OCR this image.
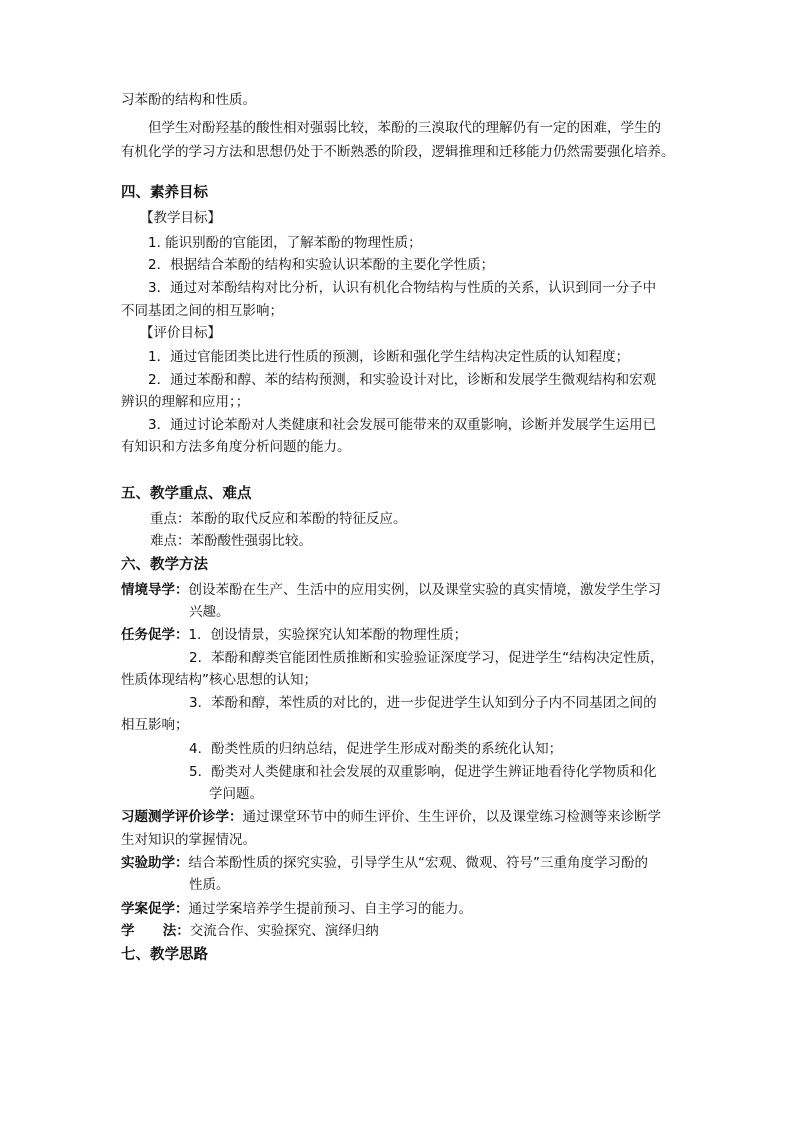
习苯酚的结构和性质。
但学生对酚羟基的酸性相对强弱比较，苯酚的三溴取代的理解仍有一定的困难，学生的
有机化学的学习方法和思想仍处于不断熟悉的阶段，逻辑推理和迁移能力仍然需要强化培养。
四、素养目标
【教学目标】
1. 能识别酚的官能团，了解苯酚的物理性质；
2．根据结合苯酚的结构和实验认识苯酚的主要化学性质；
3．通过对苯酚结构对比分析，认识有机化合物结构与性质的关系，认识到同一分子中
不同基团之间的相互影响；
【评价目标】
1．通过官能团类比进行性质的预测，诊断和强化学生结构决定性质的认知程度；
2．通过苯酚和醇、苯的结构预测，和实验设计对比，诊断和发展学生微观结构和宏观
辨识的理解和应用；；
3．通过讨论苯酚对人类健康和社会发展可能带来的双重影响，诊断并发展学生运用已
有知识和方法多角度分析问题的能力。
五、教学重点、难点
重点：苯酚的取代反应和苯酚的特征反应。
难点：苯酚酸性强弱比较。
六、教学方法
情境导学：创设苯酚在生产、生活中的应用实例，以及课堂实验的真实情境，激发学生学习
兴趣。
任务促学：1．创设情景，实验探究认知苯酚的物理性质；
2．苯酚和醇类官能团性质推断和实验验证深度学习，促进学生“结构决定性质，
性质体现结构”核心思想的认知；
3．苯酚和醇，苯性质的对比的，进一步促进学生认知到分子内不同基团之间的
相互影响；
4．酚类性质的归纳总结，促进学生形成对酚类的系统化认知；
5．酚类对人类健康和社会发展的双重影响，促进学生辨证地看待化学物质和化
学问题。
习题测学评价诊学：通过课堂环节中的师生评价、生生评价，以及课堂练习检测等来诊断学
生对知识的掌握情况。
实验助学：结合苯酚性质的探究实验，引导学生从“宏观、微观、符号”三重角度学习酚的
性质。
学案促学：通过学案培养学生提前预习、自主学习的能力。
学      法：交流合作、实验探究、演绎归纳
七、教学思路
